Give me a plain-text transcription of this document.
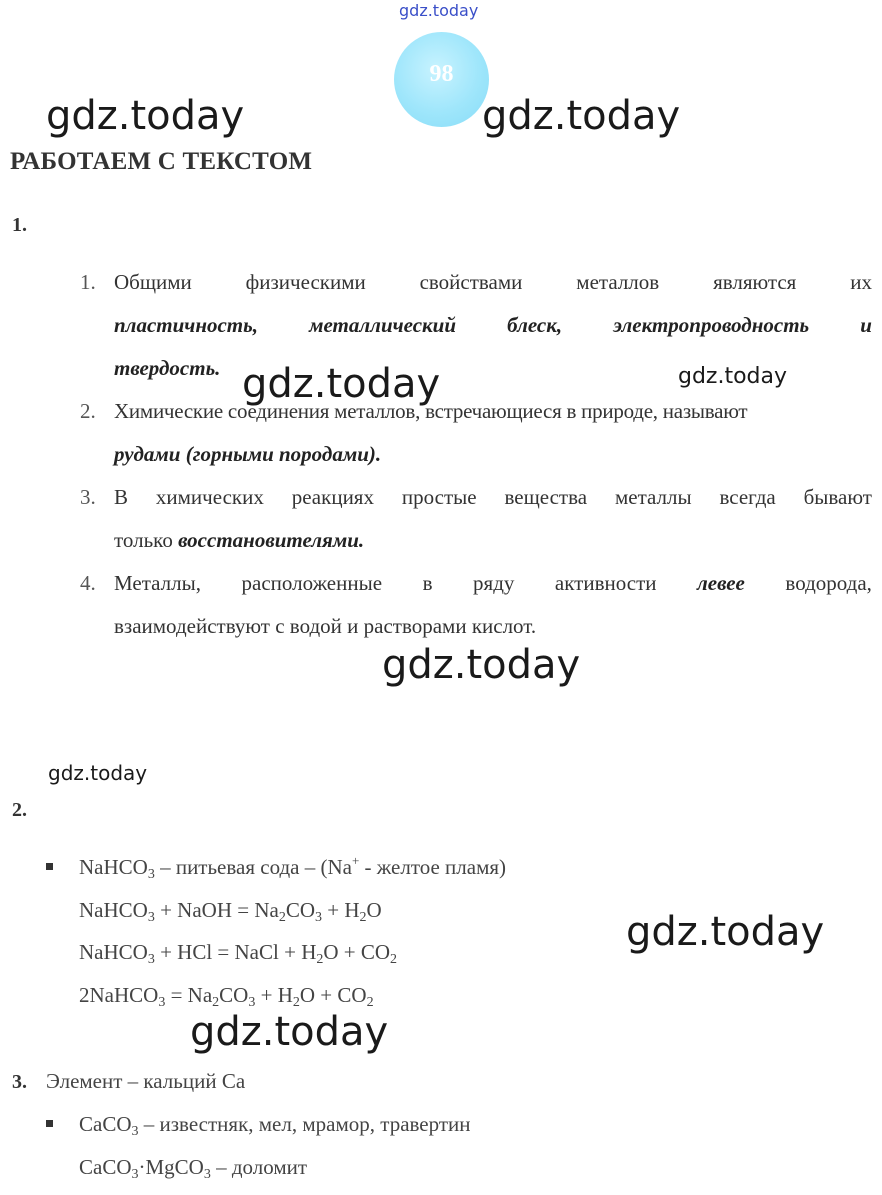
gdz.today
gdz.today	gdz.today
gdz.today	gdz.today
gdz.today
gdz.today
gdz.today
gdz.today
98
РАБОТАЕМ С ТЕКСТОМ
1.
1. Общими	физическими	свойствами	металлов	являются	их
пластичность, металлический блеск, электропроводность и
твердость.
2. Химические соединения металлов, встречающиеся в природе, называют
рудами (горными породами).
3. В химических реакциях простые вещества металлы всегда бывают
только восстановителями.
4. Металлы, расположенные в ряду активности левее водорода,
взаимодействуют с водой и растворами кислот.
2.
NaHCO$_3$ – питьевая сода – (Na+ - желтое пламя)
NaHCO$_3$ + NaOH = $Na_2CO_3 + H_2O$
NaHCO$_3$ + HCl = NaCl + $H_2O + CO_2$
2NaHCO$_3$ = $Na_2CO_3 + H_2O + CO_2$
3. Элемент – кальций Ca
CaCO$_3$ – известняк, мел, мрамор, травертин
CaCO$_3$·MgCO$_3$ – доломит
